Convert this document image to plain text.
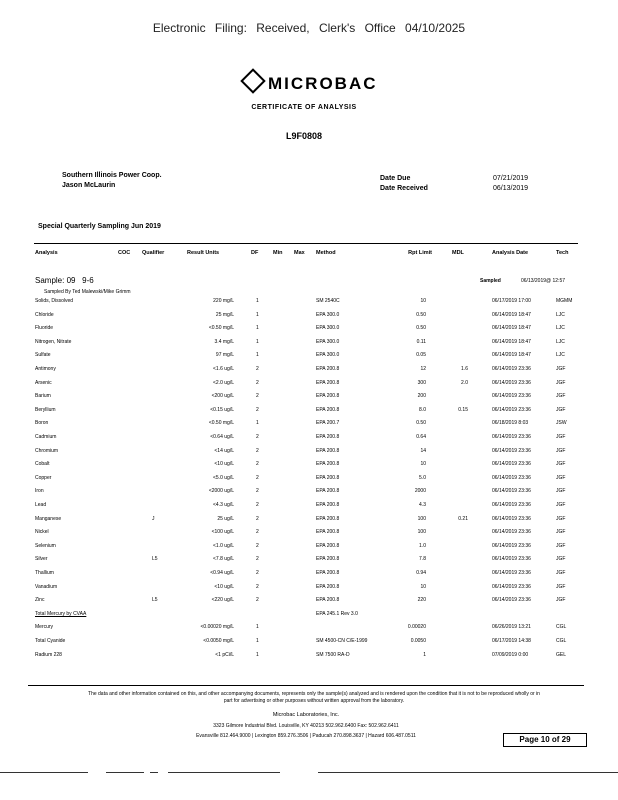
Electronic Filing: Received, Clerk's Office 04/10/2025
MICROBAC
CERTIFICATE OF ANALYSIS
L9F0808
Southern Illinois Power Coop.
Jason McLaurin
Date Due	07/21/2019
Date Received	06/13/2019
Special Quarterly Sampling Jun 2019
Analysis	COC Qualifier	Result Units	DF	Min Max Method	Rpt Limit	MDL	Analysis Date	Tech
Sample: 09 9-6	Sampled	06/13/2019@ 12:57
Sampled By Ted Malewski/Mike Grimm
Solids, Dissolved	220 mg/L	1	SM 2540C	10	06/17/2019 17:00	MGMM
Chloride	25 mg/L	1	EPA 300.0	0.50	06/14/2019 18:47	LJC
Fluoride	<0.50 mg/L	1	EPA 300.0	0.50	06/14/2019 18:47	LJC
Nitrogen, Nitrate	3.4 mg/L	1	EPA 300.0	0.11	06/14/2019 18:47	LJC
Sulfate	97 mg/L	1	EPA 300.0	0.05	06/14/2019 18:47	LJC
Antimony	<1.6 ug/L	2	EPA 200.8	12	1.6	06/14/2019 23:36	JGF
Arsenic	<2.0 ug/L	2	EPA 200.8	300	2.0	06/14/2019 23:36	JGF
Barium	<200 ug/L	2	EPA 200.8	200	06/14/2019 23:36	JGF
Beryllium	<0.15 ug/L	2	EPA 200.8	8.0	0.15	06/14/2019 23:36	JGF
Boron	<0.50 mg/L	1	EPA 200.7	0.50	06/18/2019 8:03	JSW
Cadmium	<0.64 ug/L	2	EPA 200.8	0.64	06/14/2019 23:36	JGF
Chromium	<14 ug/L	2	EPA 200.8	14	06/14/2019 23:36	JGF
Cobalt	<10 ug/L	2	EPA 200.8	10	06/14/2019 23:36	JGF
Copper	<5.0 ug/L	2	EPA 200.8	5.0	06/14/2019 23:36	JGF
Iron	<2000 ug/L	2	EPA 200.8	2000	06/14/2019 23:36	JGF
Lead	<4.3 ug/L	2	EPA 200.8	4.3	06/14/2019 23:36	JGF
Manganese	J	25 ug/L	2	EPA 200.8	100	0.21	06/14/2019 23:36	JGF
Nickel	<100 ug/L	2	EPA 200.8	100	06/14/2019 23:36	JGF
Selenium	<1.0 ug/L	2	EPA 200.8	1.0	06/14/2019 23:36	JGF
Silver	L5	<7.8 ug/L	2	EPA 200.8	7.8	06/14/2019 23:36	JGF
Thallium	<0.94 ug/L	2	EPA 200.8	0.94	06/14/2019 23:36	JGF
Vanadium	<10 ug/L	2	EPA 200.8	10	06/14/2019 23:36	JGF
Zinc	L5	<220 ug/L	2	EPA 200.8	220	06/14/2019 23:36	JGF
Total Mercury by CVAA	EPA 245.1 Rev 3.0
Mercury	<0.00020 mg/L	1	0.00020	06/26/2019 13:21	CGL
Total Cyanide	<0.0050 mg/L	1	SM 4500-CN C/E-1999	0.0050	06/17/2019 14:38	CGL
Radium 228	<1 pCi/L	1	SM 7500 RA-D	1	07/09/2019 0:00	GEL
The data and other information contained on this, and other accompanying documents, represents only the sample(s) analyzed and is rendered upon the condition that it is not to be reproduced wholly or in part for advertising or other purposes without written approval from the laboratory.
Microbac Laboratories, Inc.
3323 Gilmore Industrial Blvd. Louisville, KY 40213 502.962.6400 Fax: 502.962.6411
Evansville 812.464.9000 | Lexington 859.276.3506 | Paducah 270.898.3637 | Hazard 606.487.0511	Page 10 of 29
